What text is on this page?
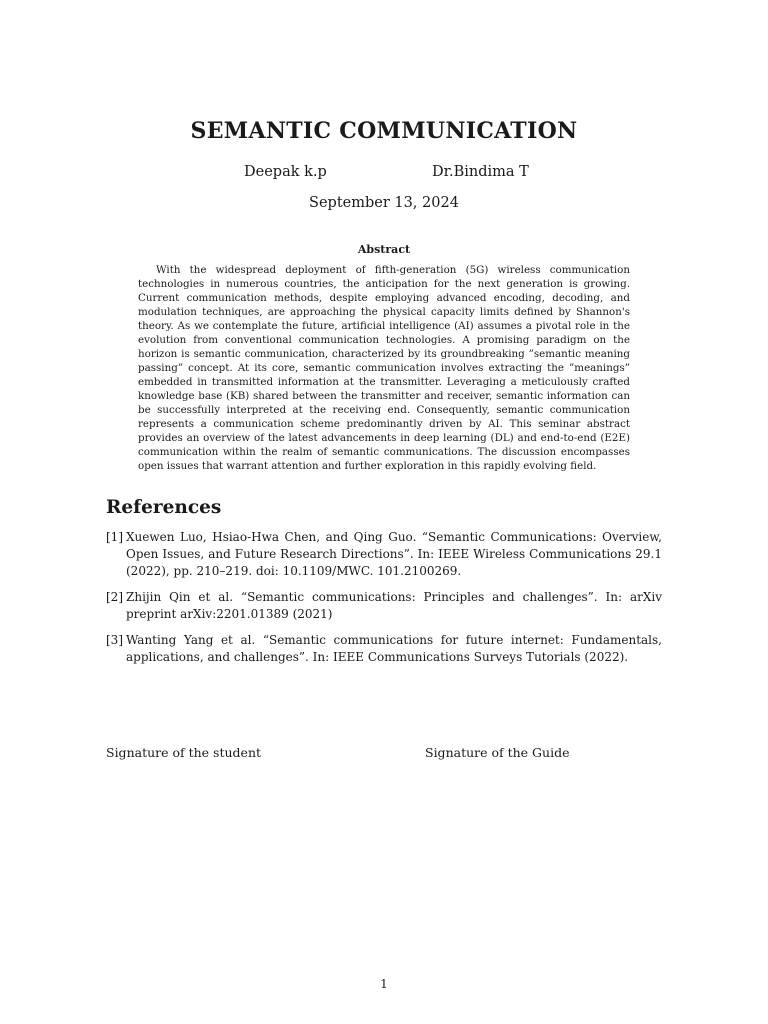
SEMANTIC COMMUNICATION
Deepak k.p	Dr.Bindima T
September 13, 2024
Abstract

With the widespread deployment of fifth-generation (5G) wireless communication technologies in numerous countries, the anticipation for the next generation is growing. Current communication methods, despite employing advanced encoding, decoding, and modulation techniques, are approaching the physical capacity limits defined by Shannon's theory. As we contemplate the future, artificial intelligence (AI) assumes a pivotal role in the evolution from conventional communication technologies. A promising paradigm on the horizon is semantic communication, characterized by its groundbreaking ”semantic meaning passing” concept. At its core, semantic communication involves extracting the ”meanings” embedded in transmitted information at the transmitter. Leveraging a meticulously crafted knowledge base (KB) shared between the transmitter and receiver, semantic information can be successfully interpreted at the receiving end. Consequently, semantic communication represents a communication scheme predominantly driven by AI. This seminar abstract provides an overview of the latest advancements in deep learning (DL) and end-to-end (E2E) communication within the realm of semantic communications. The discussion encompasses open issues that warrant attention and further exploration in this rapidly evolving field.

References
[1] Xuewen Luo, Hsiao-Hwa Chen, and Qing Guo. “Semantic Communications: Overview, Open Issues, and Future Research Directions”. In: IEEE Wireless Communications 29.1 (2022), pp. 210–219. doi: 10.1109/MWC. 101.2100269.
[2] Zhijin Qin et al. “Semantic communications: Principles and challenges”. In: arXiv preprint arXiv:2201.01389 (2021)
[3] Wanting Yang et al. “Semantic communications for future internet: Fundamentals, applications, and challenges”. In: IEEE Communications Surveys Tutorials (2022).
Signature of the student	Signature of the Guide
1
